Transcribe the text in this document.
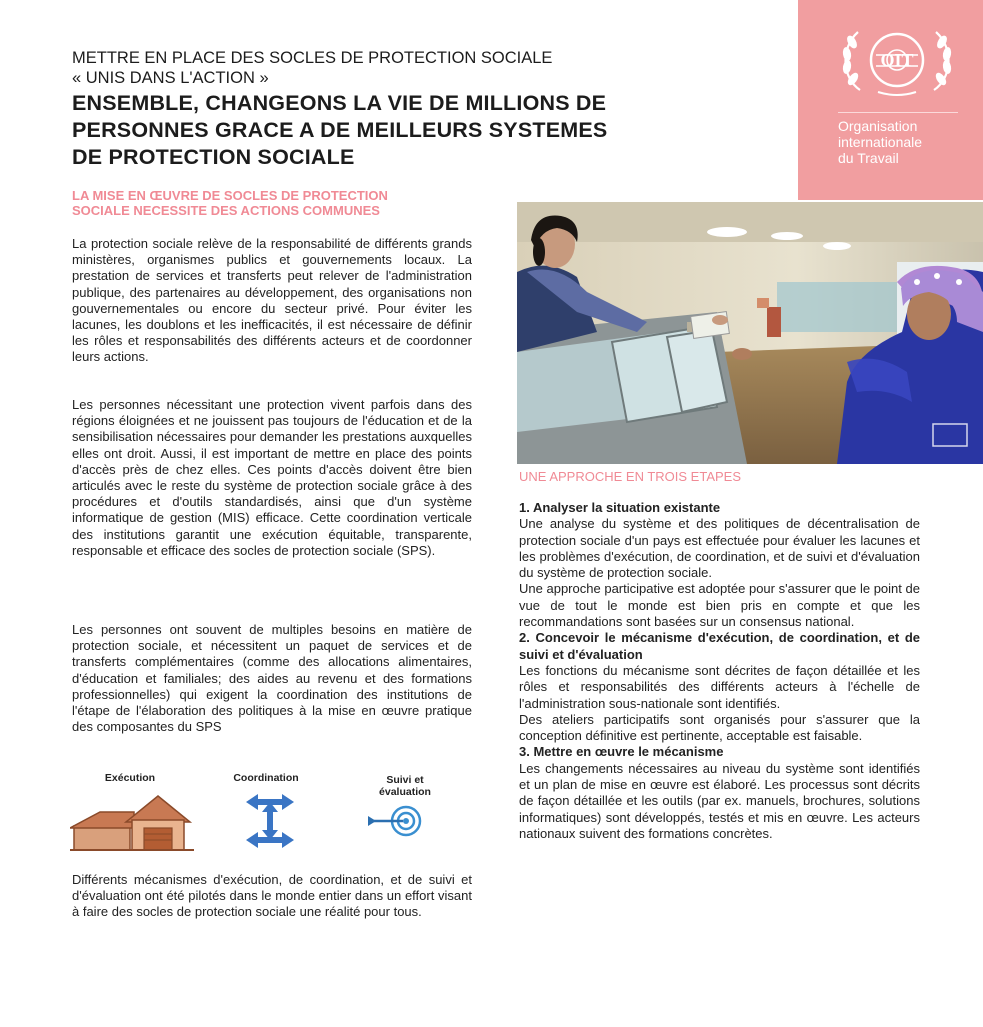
OIT
Organisation
internationale
du Travail
METTRE EN PLACE DES SOCLES DE PROTECTION SOCIALE
« UNIS DANS L'ACTION »
ENSEMBLE, CHANGEONS LA VIE DE MILLIONS DE
PERSONNES GRACE A DE MEILLEURS SYSTEMES
DE PROTECTION SOCIALE
LA MISE EN ŒUVRE DE SOCLES DE PROTECTION
SOCIALE NECESSITE DES ACTIONS COMMUNES

La protection sociale relève de la responsabilité de différents grands ministères, organismes publics et gouvernements locaux. La prestation de services et transferts peut relever de l'administration publique, des partenaires au développement, des organisations non gouvernementales ou encore du secteur privé. Pour éviter les lacunes, les doublons et les inefficacités, il est nécessaire de définir les rôles et responsabilités des différents acteurs et de coordonner leurs actions.

Les personnes nécessitant une protection vivent parfois dans des régions éloignées et ne jouissent pas toujours de l'éducation et de la sensibilisation nécessaires pour demander les prestations auxquelles elles ont droit. Aussi, il est important de mettre en place des points d'accès près de chez elles. Ces points d'accès doivent être bien articulés avec le reste du système de protection sociale grâce à des procédures et d'outils standardisés, ainsi que d'un système informatique de gestion (MIS) efficace. Cette coordination verticale des institutions garantit une exécution équitable, transparente, responsable et efficace des socles de protection sociale (SPS).

Les personnes ont souvent de multiples besoins en matière de protection sociale, et nécessitent un paquet de services et de transferts complémentaires (comme des allocations alimentaires, d'éducation et familiales; des aides au revenu et des formations professionnelles) qui exigent la coordination des institutions de l'étape de l'élaboration des politiques à la mise en œuvre pratique des composantes du SPS

Exécution	Coordination	Suivi et
évaluation

Différents mécanismes d'exécution, de coordination, et de suivi et d'évaluation ont été pilotés dans le monde entier dans un effort visant à faire des socles de protection sociale une réalité pour tous.

UNE APPROCHE EN TROIS ETAPES

1. Analyser la situation existante

Une analyse du système et des politiques de décentralisation de protection sociale d'un pays est effectuée pour évaluer les lacunes et les problèmes d'exécution, de coordination, et de suivi et d'évaluation du système de protection sociale.

Une approche participative est adoptée pour s'assurer que le point de vue de tout le monde est bien pris en compte et que les recommandations sont basées sur un consensus national.

2. Concevoir le mécanisme d'exécution, de coordination, et de suivi et d'évaluation

Les fonctions du mécanisme sont décrites de façon détaillée et les rôles et responsabilités des différents acteurs à l'échelle de l'administration sous-nationale sont identifiés.

Des ateliers participatifs sont organisés pour s'assurer que la conception définitive est pertinente, acceptable est faisable.

3. Mettre en œuvre le mécanisme

Les changements nécessaires au niveau du système sont identifiés et un plan de mise en œuvre est élaboré. Les processus sont décrits de façon détaillée et les outils (par ex. manuels, brochures, solutions informatiques) sont développés, testés et mis en œuvre. Les acteurs nationaux suivent des formations concrètes.
